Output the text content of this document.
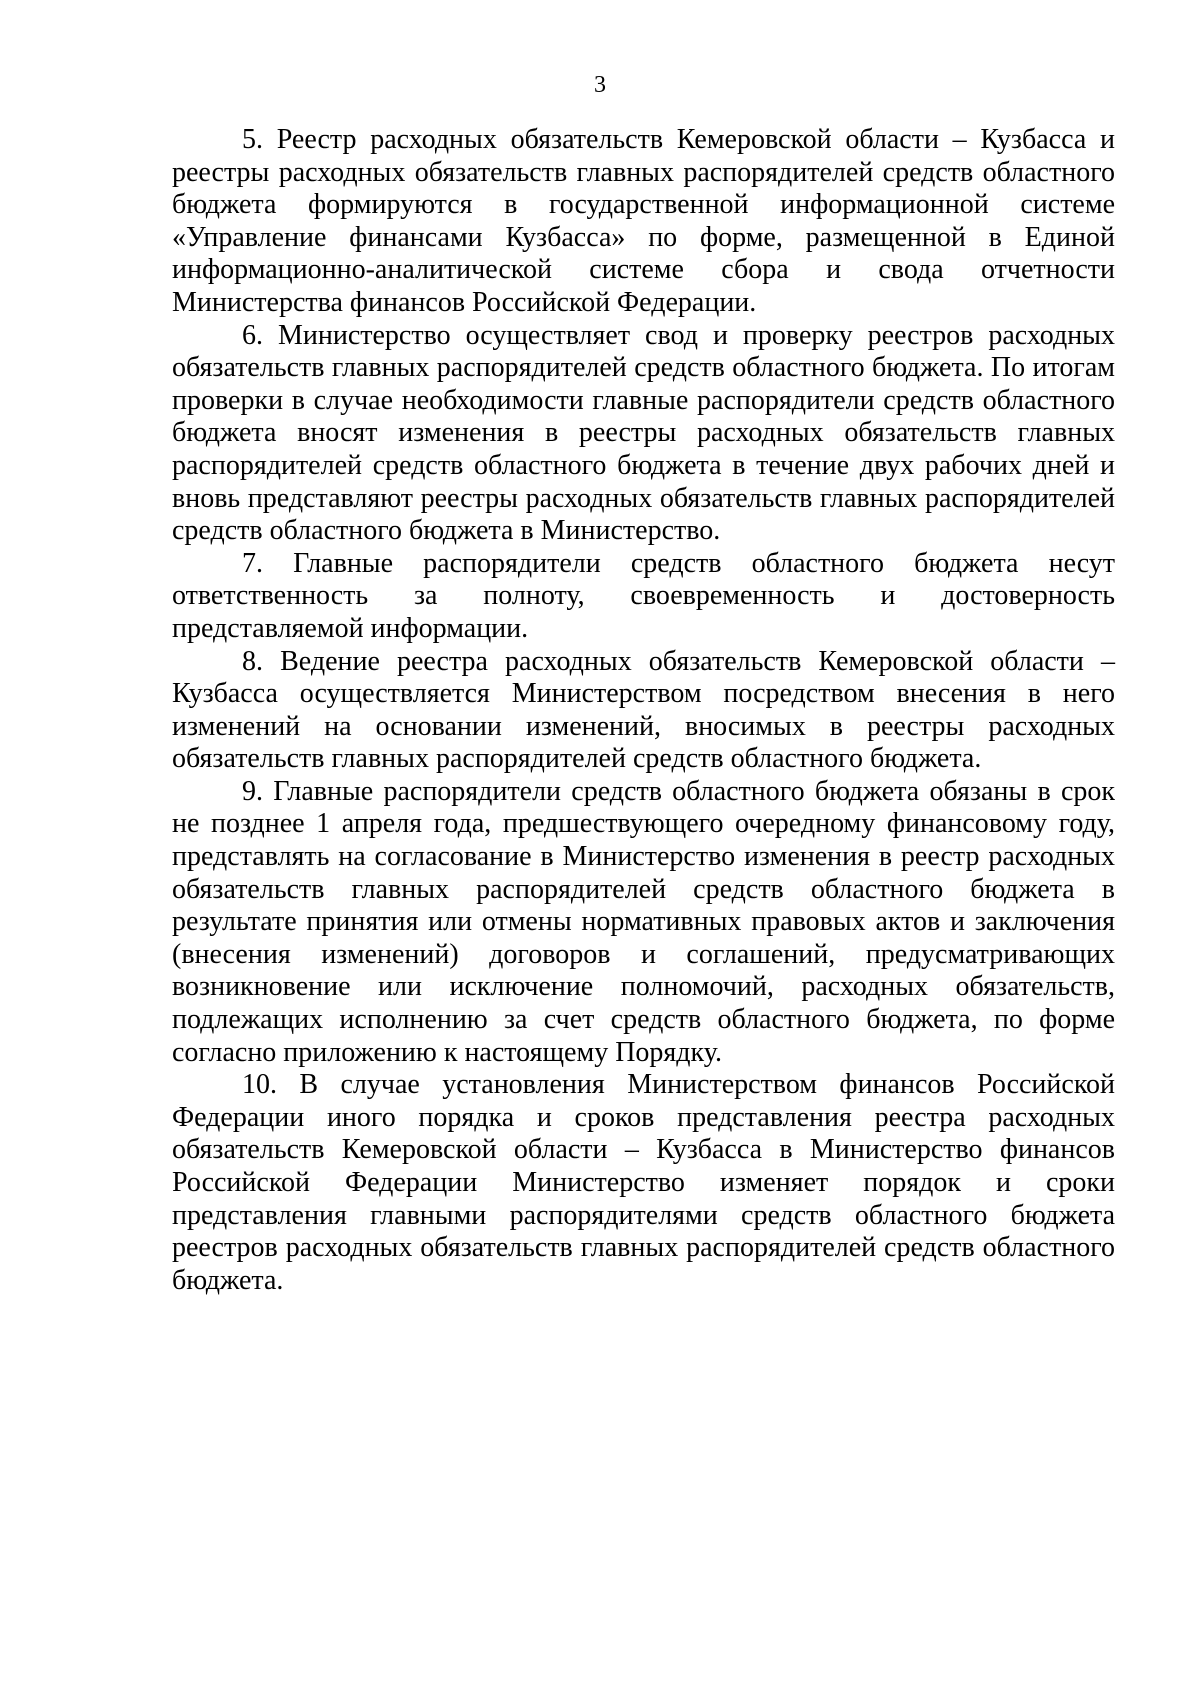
3

5. Реестр расходных обязательств Кемеровской области – Кузбасса и реестры расходных обязательств главных распорядителей средств областного бюджета формируются в государственной информационной системе «Управление финансами Кузбасса» по форме, размещенной в Единой информационно-аналитической системе сбора и свода отчетности Министерства финансов Российской Федерации.

6. Министерство осуществляет свод и проверку реестров расходных обязательств главных распорядителей средств областного бюджета. По итогам проверки в случае необходимости главные распорядители средств областного бюджета вносят изменения в реестры расходных обязательств главных распорядителей средств областного бюджета в течение двух рабочих дней и вновь представляют реестры расходных обязательств главных распорядителей средств областного бюджета в Министерство.

7. Главные распорядители средств областного бюджета несут ответственность за полноту, своевременность и достоверность представляемой информации.

8. Ведение реестра расходных обязательств Кемеровской области – Кузбасса осуществляется Министерством посредством внесения в него изменений на основании изменений, вносимых в реестры расходных обязательств главных распорядителей средств областного бюджета.

9. Главные распорядители средств областного бюджета обязаны в срок не позднее 1 апреля года, предшествующего очередному финансовому году, представлять на согласование в Министерство изменения в реестр расходных обязательств главных распорядителей средств областного бюджета в результате принятия или отмены нормативных правовых актов и заключения (внесения изменений) договоров и соглашений, предусматривающих возникновение или исключение полномочий, расходных обязательств, подлежащих исполнению за счет средств областного бюджета, по форме согласно приложению к настоящему Порядку.

10. В случае установления Министерством финансов Российской Федерации иного порядка и сроков представления реестра расходных обязательств Кемеровской области – Кузбасса в Министерство финансов Российской Федерации Министерство изменяет порядок и сроки представления главными распорядителями средств областного бюджета реестров расходных обязательств главных распорядителей средств областного бюджета.
